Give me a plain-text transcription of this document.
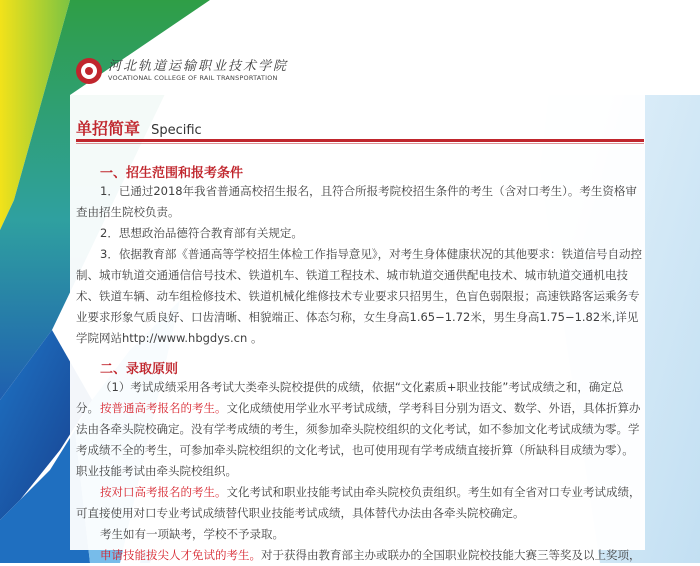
河北轨道运输职业技术学院
VOCATIONAL COLLEGE OF RAIL TRANSPORTATION
单招简章 Specific
一、招生范围和报考条件

1．已通过2018年我省普通高校招生报名，且符合所报考院校招生条件的考生（含对口考生）。考生资格审查由招生院校负责。

2．思想政治品德符合教育部有关规定。

3．依据教育部《普通高等学校招生体检工作指导意见》，对考生身体健康状况的其他要求：铁道信号自动控制、城市轨道交通通信信号技术、铁道机车、铁道工程技术、城市轨道交通供配电技术、城市轨道交通机电技术、铁道车辆、动车组检修技术、铁道机械化维修技术专业要求只招男生，色盲色弱限报；高速铁路客运乘务专业要求形象气质良好、口齿清晰、相貌端正、体态匀称，女生身高1.65−1.72米，男生身高1.75−1.82米,详见学院网站http://www.hbgdys.cn 。

二、录取原则

（1）考试成绩采用各考试大类牵头院校提供的成绩，依据“文化素质+职业技能”考试成绩之和，确定总分。 按普通高考报名的考生。文化成绩使用学业水平考试成绩，学考科目分别为语文、数学、外语，具体折算办法由各牵头院校确定。没有学考成绩的考生，须参加牵头院校组织的文化考试，如不参加文化考试成绩为零。学考成绩不全的考生，可参加牵头院校组织的文化考试，也可使用现有学考成绩直接折算（所缺科目成绩为零）。职业技能考试由牵头院校组织。

按对口高考报名的考生。文化考试和职业技能考试由牵头院校负责组织。考生如有全省对口专业考试成绩，可直接使用对口专业考试成绩替代职业技能考试成绩，具体替代办法由各牵头院校确定。

考生如有一项缺考，学校不予录取。

申请技能拔尖人才免试的考生。对于获得由教育部主办或联办的全国职业院校技能大赛三等奖及以上奖项，
